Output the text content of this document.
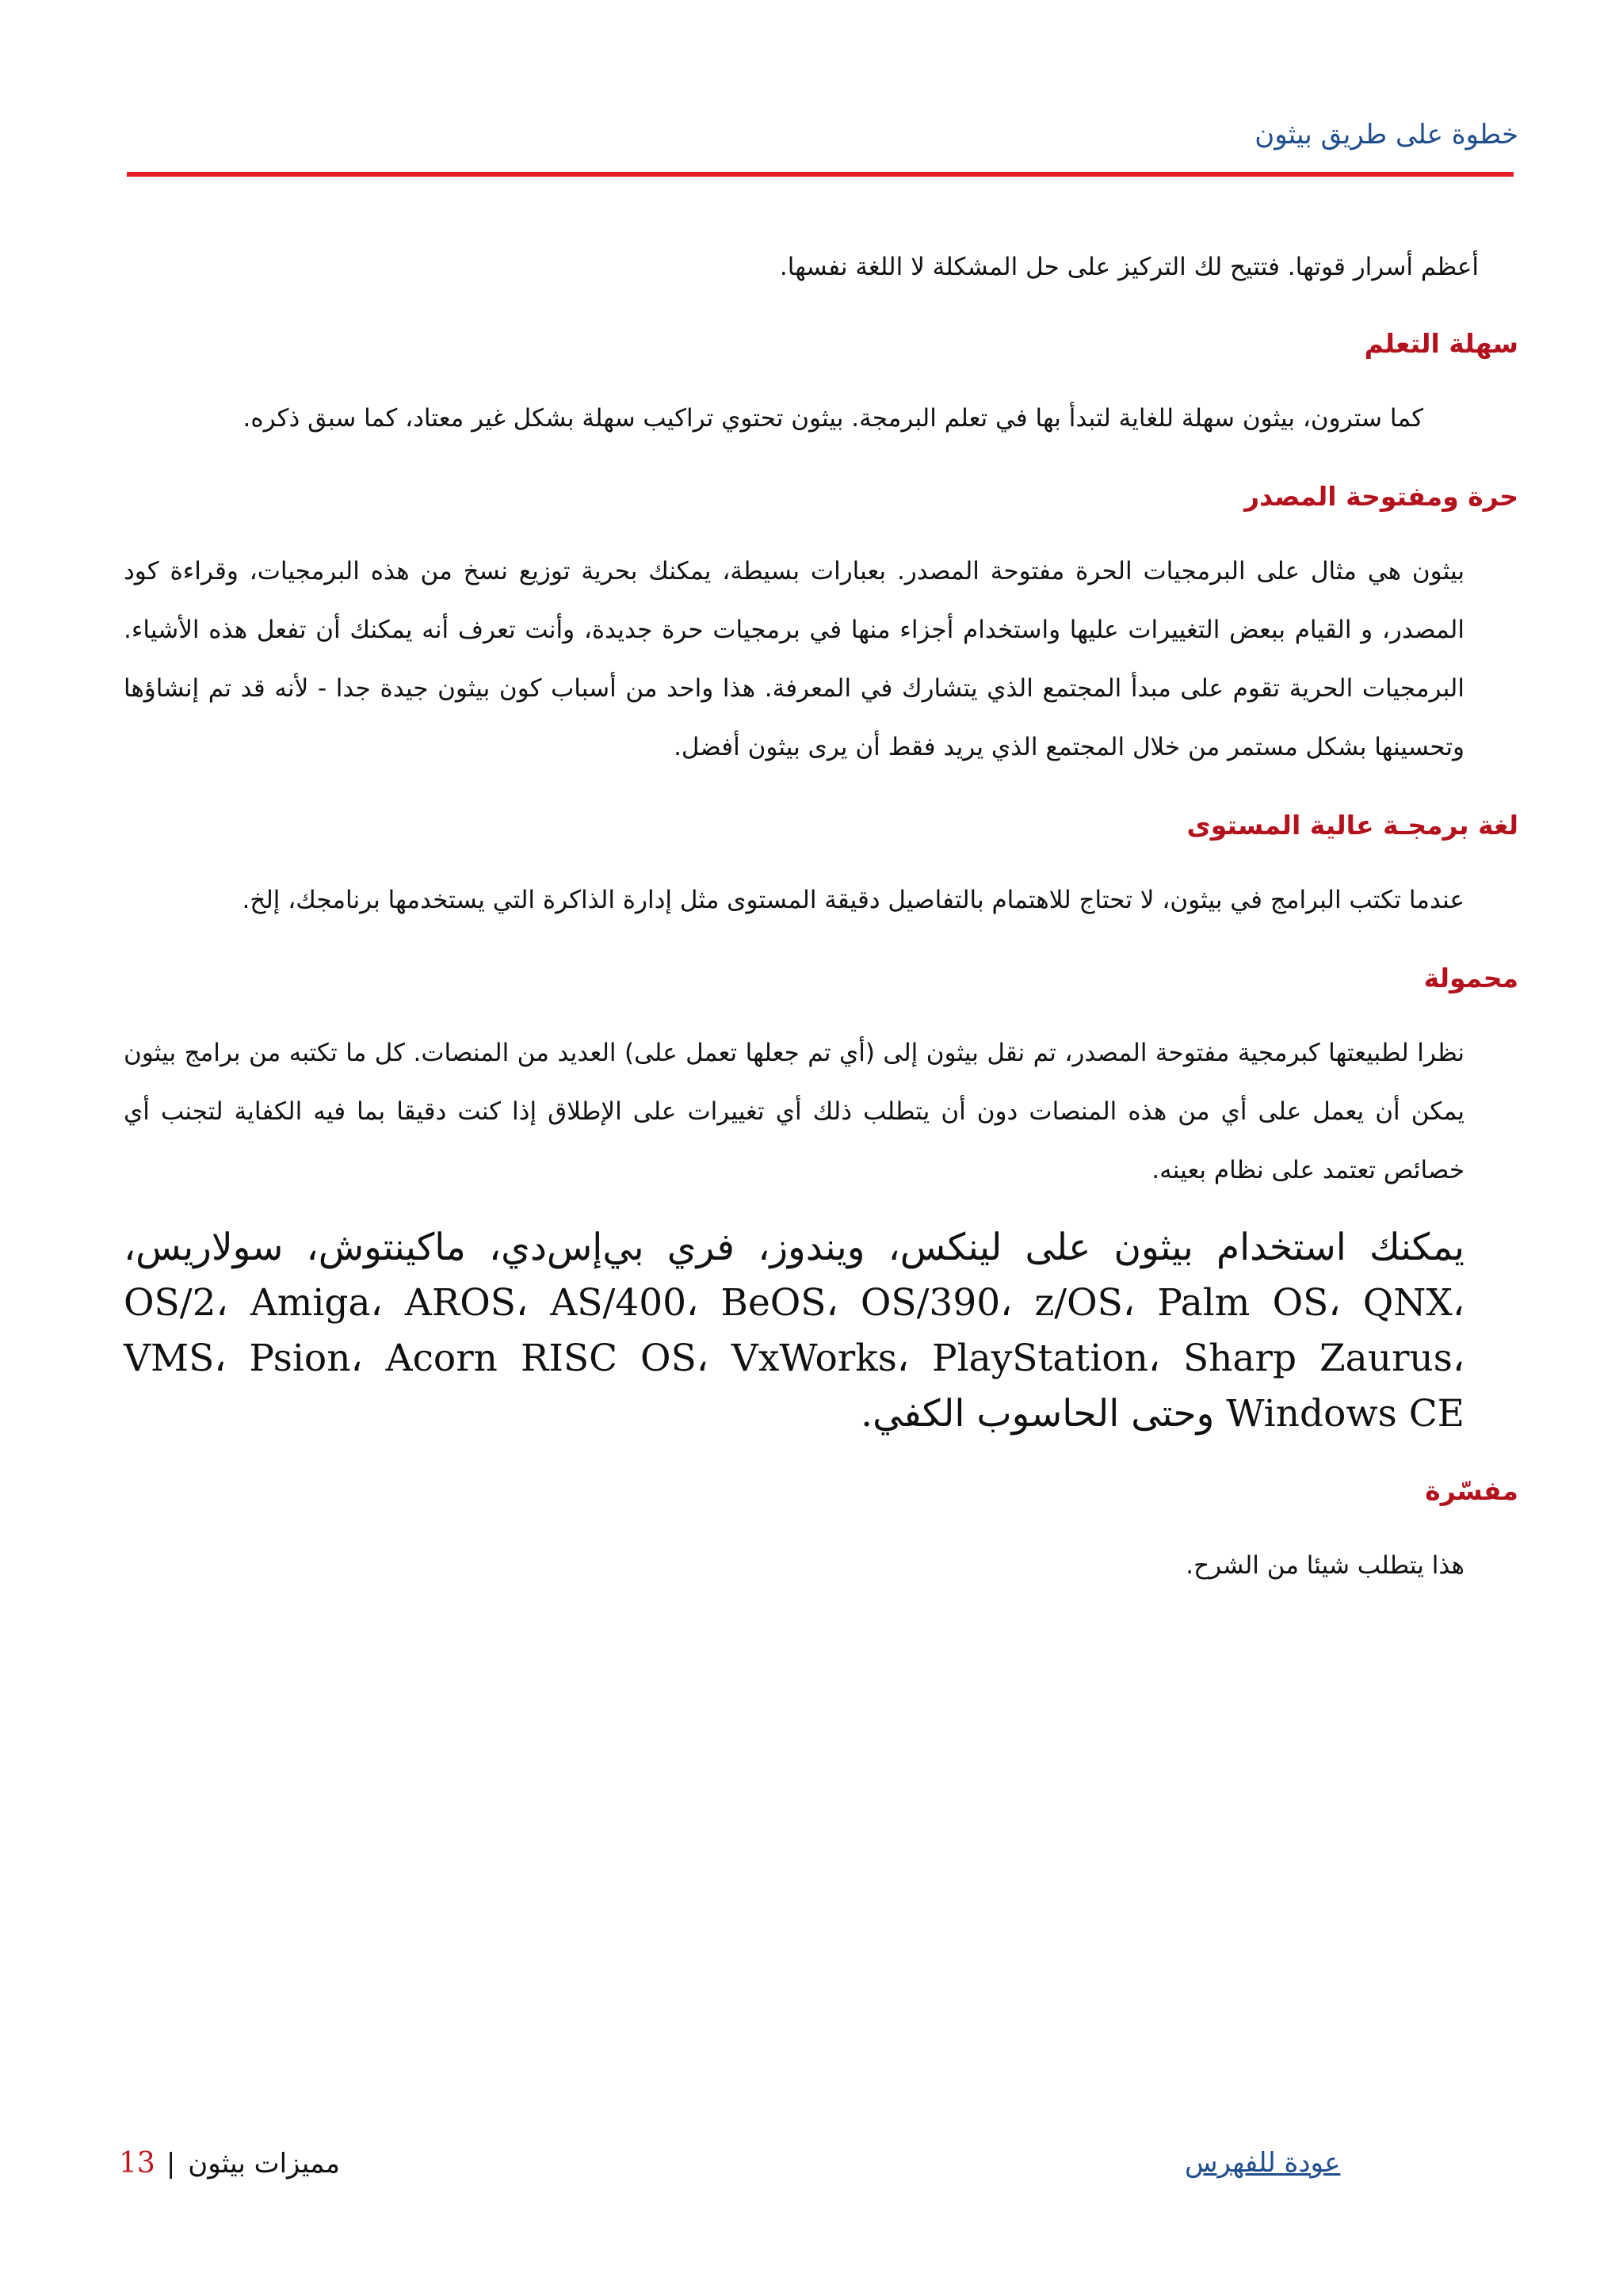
خطوة على طريق بيثون

أعظم أسرار قوتها. فتتيح لك التركيز على حل المشكلة لا اللغة نفسها.

سهلة التعلم

كما سترون، بيثون سهلة للغاية لتبدأ بها في تعلم البرمجة. بيثون تحتوي تراكيب سهلة بشكل غير معتاد، كما سبق ذكره.

حرة ومفتوحة المصدر

بيثون هي مثال على البرمجيات الحرة مفتوحة المصدر. بعبارات بسيطة، يمكنك بحرية توزيع نسخ من هذه البرمجيات، وقراءة كود المصدر، و القيام ببعض التغييرات عليها واستخدام أجزاء منها في برمجيات حرة جديدة، وأنت تعرف أنه يمكنك أن تفعل هذه الأشياء. البرمجيات الحرية تقوم على مبدأ المجتمع الذي يتشارك في المعرفة. هذا واحد من أسباب كون بيثون جيدة جدا - لأنه قد تم إنشاؤها وتحسينها بشكل مستمر من خلال المجتمع الذي يريد فقط أن يرى بيثون أفضل.

لغة برمجـة عالية المستوى

عندما تكتب البرامج في بيثون، لا تحتاج للاهتمام بالتفاصيل دقيقة المستوى مثل إدارة الذاكرة التي يستخدمها برنامجك، إلخ.

محمولة

نظرا لطبيعتها كبرمجية مفتوحة المصدر، تم نقل بيثون إلى (أي تم جعلها تعمل على) العديد من المنصات. كل ما تكتبه من برامج بيثون يمكن أن يعمل على أي من هذه المنصات دون أن يتطلب ذلك أي تغييرات على الإطلاق إذا كنت دقيقا بما فيه الكفاية لتجنب أي خصائص تعتمد على نظام بعينه.

يمكنك استخدام بيثون على لينكس، ويندوز، فري بي‌إس‌دي، ماكينتوش، سولاريس، OS/2، Amiga، AROS، AS/400، BeOS، OS/390، z/OS، Palm OS، QNX، VMS، Psion، Acorn RISC OS، VxWorks، PlayStation، Sharp Zaurus، Windows CE وحتى الحاسوب الكفي.

مفسّرة

هذا يتطلب شيئا من الشرح.

13 | مميزات بيثون	عودة للفهرس
